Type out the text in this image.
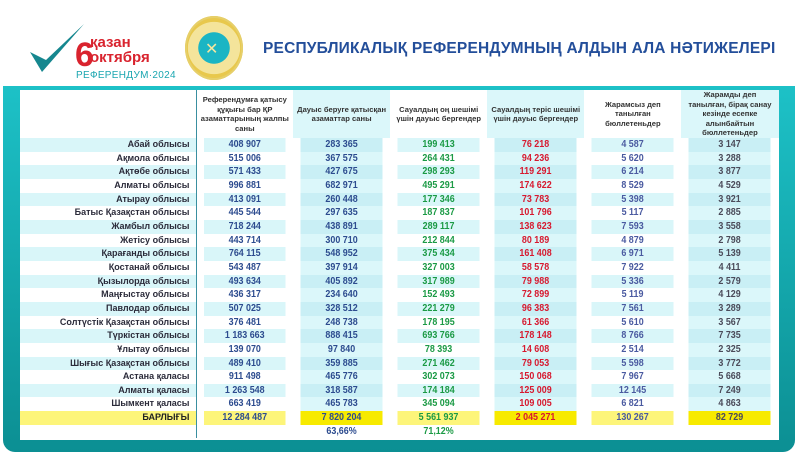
6
қазан
октября
РЕФЕРЕНДУМ·2024
✕	РЕСПУБЛИКАЛЫҚ РЕФЕРЕНДУМНЫҢ АЛДЫН АЛА НӘТИЖЕЛЕРІ
	Референдумға қатысу құқығы бар ҚР азаматтарының жалпы саны	Дауыс беруге қатысқан азаматтар саны	Сауалдың оң шешімі үшін дауыс бергендер	Сауалдың теріс шешімі үшін дауыс бергендер	Жарамсыз деп танылған бюллетеньдер	Жарамды деп танылған, бірақ санау кезінде есепке алынбайтын бюллетеньдер
Абай облысы	408 907	283 365	199 413	76 218	4 587	3 147
Ақмола облысы	515 006	367 575	264 431	94 236	5 620	3 288
Ақтөбе облысы	571 433	427 675	298 293	119 291	6 214	3 877
Алматы облысы	996 881	682 971	495 291	174 622	8 529	4 529
Атырау облысы	413 091	260 448	177 346	73 783	5 398	3 921
Батыс Қазақстан облысы	445 544	297 635	187 837	101 796	5 117	2 885
Жамбыл облысы	718 244	438 891	289 117	138 623	7 593	3 558
Жетісу облысы	443 714	300 710	212 844	80 189	4 879	2 798
Қарағанды облысы	764 115	548 952	375 434	161 408	6 971	5 139
Қостанай облысы	543 487	397 914	327 003	58 578	7 922	4 411
Қызылорда облысы	493 634	405 892	317 989	79 988	5 336	2 579
Маңғыстау облысы	436 317	234 640	152 493	72 899	5 119	4 129
Павлодар облысы	507 025	328 512	221 279	96 383	7 561	3 289
Солтүстік Қазақстан облысы	376 481	248 738	178 195	61 366	5 610	3 567
Түркістан облысы	1 183 663	888 415	693 766	178 148	8 766	7 735
Ұлытау облысы	139 070	97 840	78 393	14 608	2 514	2 325
Шығыс Қазақстан облысы	489 410	359 885	271 462	79 053	5 598	3 772
Астана қаласы	911 498	465 776	302 073	150 068	7 967	5 668
Алматы қаласы	1 263 548	318 587	174 184	125 009	12 145	7 249
Шымкент қаласы	663 419	465 783	345 094	109 005	6 821	4 863
БАРЛЫҒЫ	12 284 487	7 820 204	5 561 937	2 045 271	130 267	82 729
		63,66%	71,12%			
